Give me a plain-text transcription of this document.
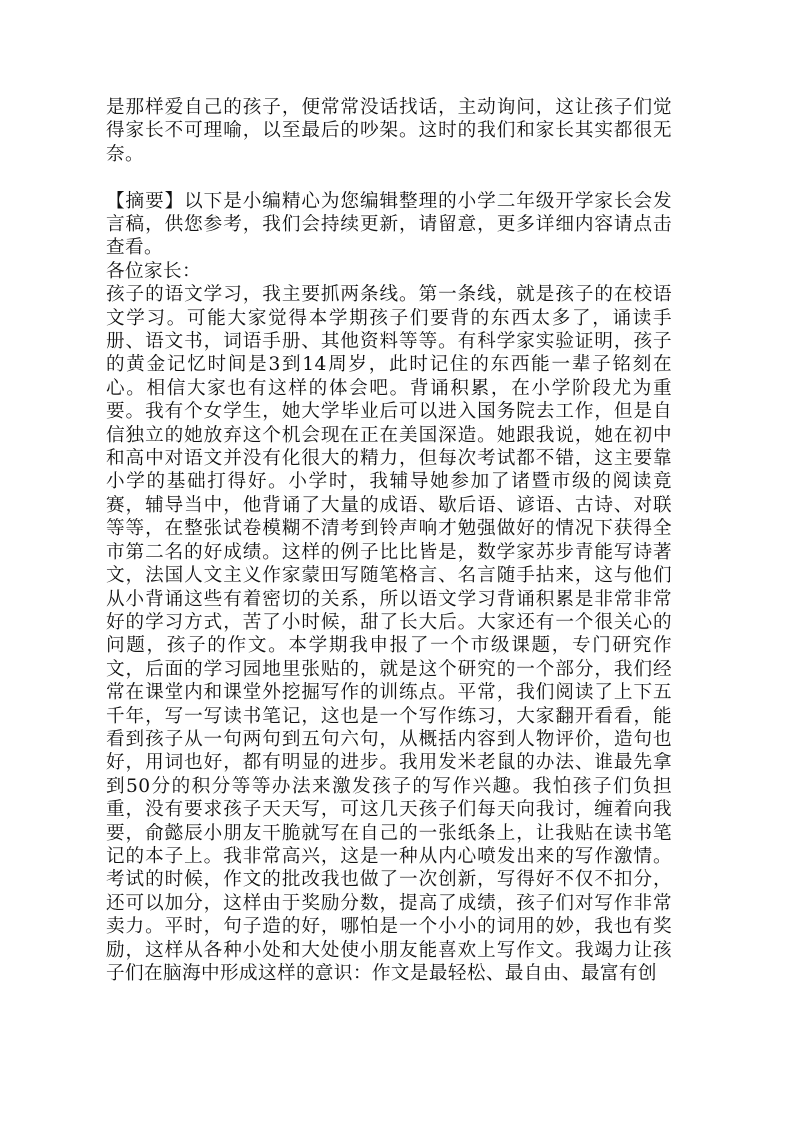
是那样爱自己的孩子，便常常没话找话，主动询问，这让孩子们觉得家长不可理喻，以至最后的吵架。这时的我们和家长其实都很无奈。

【摘要】以下是小编精心为您编辑整理的小学二年级开学家长会发言稿，供您参考，我们会持续更新，请留意，更多详细内容请点击查看。

各位家长：

孩子的语文学习，我主要抓两条线。第一条线，就是孩子的在校语文学习。可能大家觉得本学期孩子们要背的东西太多了，诵读手册、语文书，词语手册、其他资料等等。有科学家实验证明，孩子的黄金记忆时间是3到14周岁，此时记住的东西能一辈子铭刻在心。相信大家也有这样的体会吧。背诵积累，在小学阶段尤为重要。我有个女学生，她大学毕业后可以进入国务院去工作，但是自信独立的她放弃这个机会现在正在美国深造。她跟我说，她在初中和高中对语文并没有化很大的精力，但每次考试都不错，这主要靠小学的基础打得好。小学时，我辅导她参加了诸暨市级的阅读竟赛，辅导当中，他背诵了大量的成语、歇后语、谚语、古诗、对联等等，在整张试卷模糊不清考到铃声响才勉强做好的情况下获得全市第二名的好成绩。这样的例子比比皆是，数学家苏步青能写诗著文，法国人文主义作家蒙田写随笔格言、名言随手拈来，这与他们从小背诵这些有着密切的关系，所以语文学习背诵积累是非常非常好的学习方式，苦了小时候，甜了长大后。大家还有一个很关心的问题，孩子的作文。本学期我申报了一个市级课题，专门研究作文，后面的学习园地里张贴的，就是这个研究的一个部分，我们经常在课堂内和课堂外挖掘写作的训练点。平常，我们阅读了上下五千年，写一写读书笔记，这也是一个写作练习，大家翻开看看，能看到孩子从一句两句到五句六句，从概括内容到人物评价，造句也好，用词也好，都有明显的进步。我用发米老鼠的办法、谁最先拿到50分的积分等等办法来激发孩子的写作兴趣。我怕孩子们负担重，没有要求孩子天天写，可这几天孩子们每天向我讨，缠着向我要，俞懿辰小朋友干脆就写在自己的一张纸条上，让我贴在读书笔记的本子上。我非常高兴，这是一种从内心喷发出来的写作激情。考试的时候，作文的批改我也做了一次创新，写得好不仅不扣分，还可以加分，这样由于奖励分数，提高了成绩，孩子们对写作非常卖力。平时，句子造的好，哪怕是一个小小的词用的妙，我也有奖励，这样从各种小处和大处使小朋友能喜欢上写作文。我竭力让孩子们在脑海中形成这样的意识：作文是最轻松、最自由、最富有创
